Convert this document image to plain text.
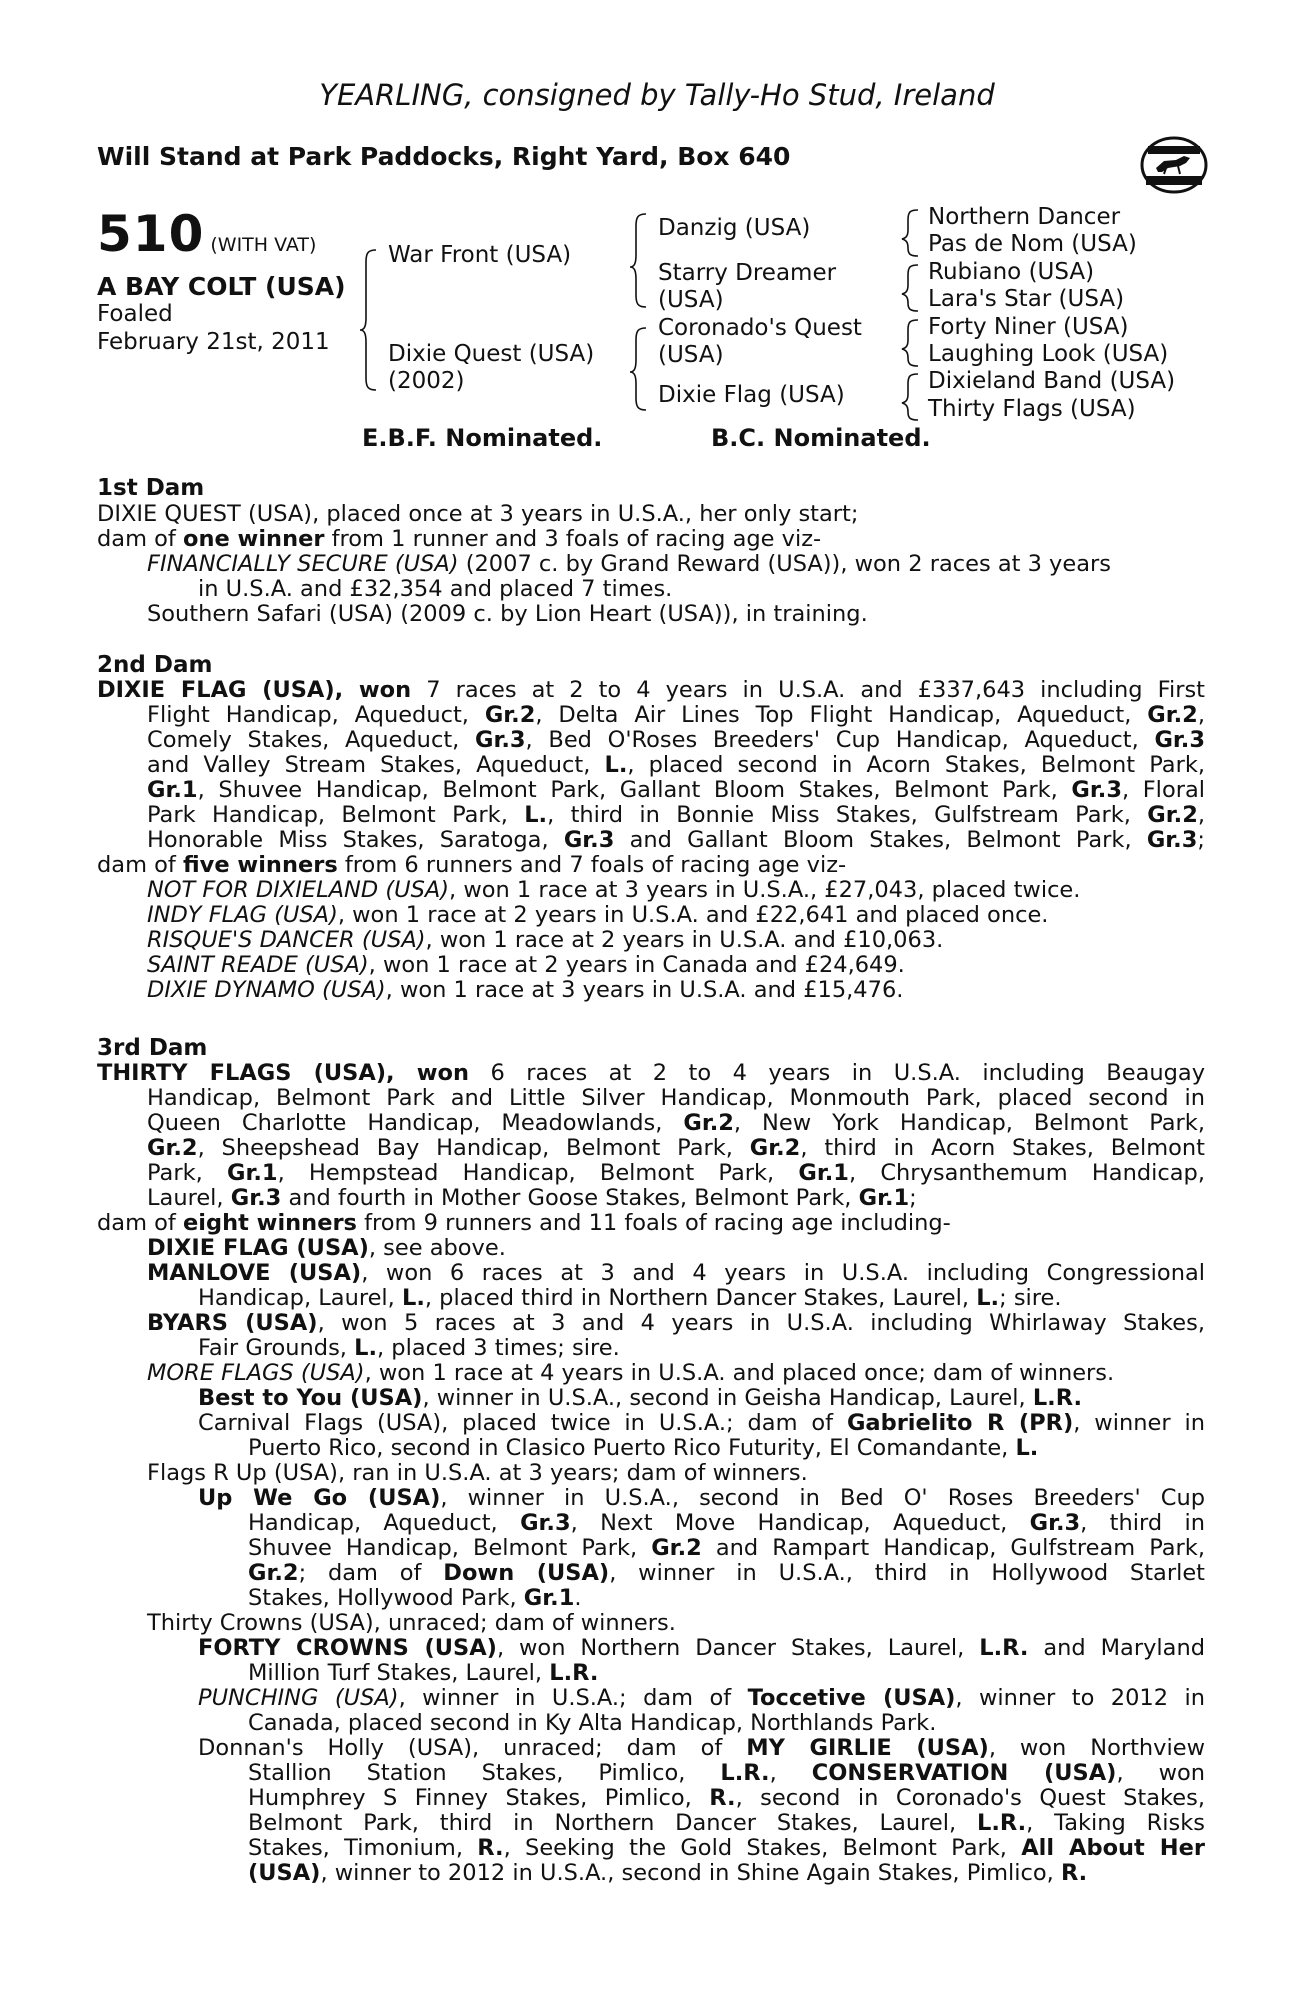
YEARLING, consigned by Tally-Ho Stud, Ireland
Will Stand at Park Paddocks, Right Yard, Box 640
510 (WITH VAT)
A BAY COLT (USA)
Foaled
February 21st, 2011
War Front (USA)
Dixie Quest (USA)
(2002)
Danzig (USA)
Starry Dreamer
(USA)
Coronado's Quest
(USA)
Dixie Flag (USA)
Northern Dancer
Pas de Nom (USA)
Rubiano (USA)
Lara's Star (USA)
Forty Niner (USA)
Laughing Look (USA)
Dixieland Band (USA)
Thirty Flags (USA)
E.B.F. Nominated.	B.C. Nominated.
1st Dam
DIXIE QUEST (USA), placed once at 3 years in U.S.A., her only start;
dam of one winner from 1 runner and 3 foals of racing age viz-
FINANCIALLY SECURE (USA) (2007 c. by Grand Reward (USA)), won 2 races at 3 years
in U.S.A. and £32,354 and placed 7 times.
Southern Safari (USA) (2009 c. by Lion Heart (USA)), in training.
2nd Dam
DIXIE FLAG (USA), won 7 races at 2 to 4 years in U.S.A. and £337,643 including First
Flight Handicap, Aqueduct, Gr.2, Delta Air Lines Top Flight Handicap, Aqueduct, Gr.2,
Comely Stakes, Aqueduct, Gr.3, Bed O'Roses Breeders' Cup Handicap, Aqueduct, Gr.3
and Valley Stream Stakes, Aqueduct, L., placed second in Acorn Stakes, Belmont Park,
Gr.1, Shuvee Handicap, Belmont Park, Gallant Bloom Stakes, Belmont Park, Gr.3, Floral
Park Handicap, Belmont Park, L., third in Bonnie Miss Stakes, Gulfstream Park, Gr.2,
Honorable Miss Stakes, Saratoga, Gr.3 and Gallant Bloom Stakes, Belmont Park, Gr.3;
dam of five winners from 6 runners and 7 foals of racing age viz-
NOT FOR DIXIELAND (USA), won 1 race at 3 years in U.S.A., £27,043, placed twice.
INDY FLAG (USA), won 1 race at 2 years in U.S.A. and £22,641 and placed once.
RISQUE'S DANCER (USA), won 1 race at 2 years in U.S.A. and £10,063.
SAINT READE (USA), won 1 race at 2 years in Canada and £24,649.
DIXIE DYNAMO (USA), won 1 race at 3 years in U.S.A. and £15,476.
3rd Dam
THIRTY FLAGS (USA), won 6 races at 2 to 4 years in U.S.A. including Beaugay
Handicap, Belmont Park and Little Silver Handicap, Monmouth Park, placed second in
Queen Charlotte Handicap, Meadowlands, Gr.2, New York Handicap, Belmont Park,
Gr.2, Sheepshead Bay Handicap, Belmont Park, Gr.2, third in Acorn Stakes, Belmont
Park, Gr.1, Hempstead Handicap, Belmont Park, Gr.1, Chrysanthemum Handicap,
Laurel, Gr.3 and fourth in Mother Goose Stakes, Belmont Park, Gr.1;
dam of eight winners from 9 runners and 11 foals of racing age including-
DIXIE FLAG (USA), see above.
MANLOVE (USA), won 6 races at 3 and 4 years in U.S.A. including Congressional
Handicap, Laurel, L., placed third in Northern Dancer Stakes, Laurel, L.; sire.
BYARS (USA), won 5 races at 3 and 4 years in U.S.A. including Whirlaway Stakes,
Fair Grounds, L., placed 3 times; sire.
MORE FLAGS (USA), won 1 race at 4 years in U.S.A. and placed once; dam of winners.
Best to You (USA), winner in U.S.A., second in Geisha Handicap, Laurel, L.R.
Carnival Flags (USA), placed twice in U.S.A.; dam of Gabrielito R (PR), winner in
Puerto Rico, second in Clasico Puerto Rico Futurity, El Comandante, L.
Flags R Up (USA), ran in U.S.A. at 3 years; dam of winners.
Up We Go (USA), winner in U.S.A., second in Bed O' Roses Breeders' Cup
Handicap, Aqueduct, Gr.3, Next Move Handicap, Aqueduct, Gr.3, third in
Shuvee Handicap, Belmont Park, Gr.2 and Rampart Handicap, Gulfstream Park,
Gr.2; dam of Down (USA), winner in U.S.A., third in Hollywood Starlet
Stakes, Hollywood Park, Gr.1.
Thirty Crowns (USA), unraced; dam of winners.
FORTY CROWNS (USA), won Northern Dancer Stakes, Laurel, L.R. and Maryland
Million Turf Stakes, Laurel, L.R.
PUNCHING (USA), winner in U.S.A.; dam of Toccetive (USA), winner to 2012 in
Canada, placed second in Ky Alta Handicap, Northlands Park.
Donnan's Holly (USA), unraced; dam of MY GIRLIE (USA), won Northview
Stallion Station Stakes, Pimlico, L.R., CONSERVATION (USA), won
Humphrey S Finney Stakes, Pimlico, R., second in Coronado's Quest Stakes,
Belmont Park, third in Northern Dancer Stakes, Laurel, L.R., Taking Risks
Stakes, Timonium, R., Seeking the Gold Stakes, Belmont Park, All About Her
(USA), winner to 2012 in U.S.A., second in Shine Again Stakes, Pimlico, R.
